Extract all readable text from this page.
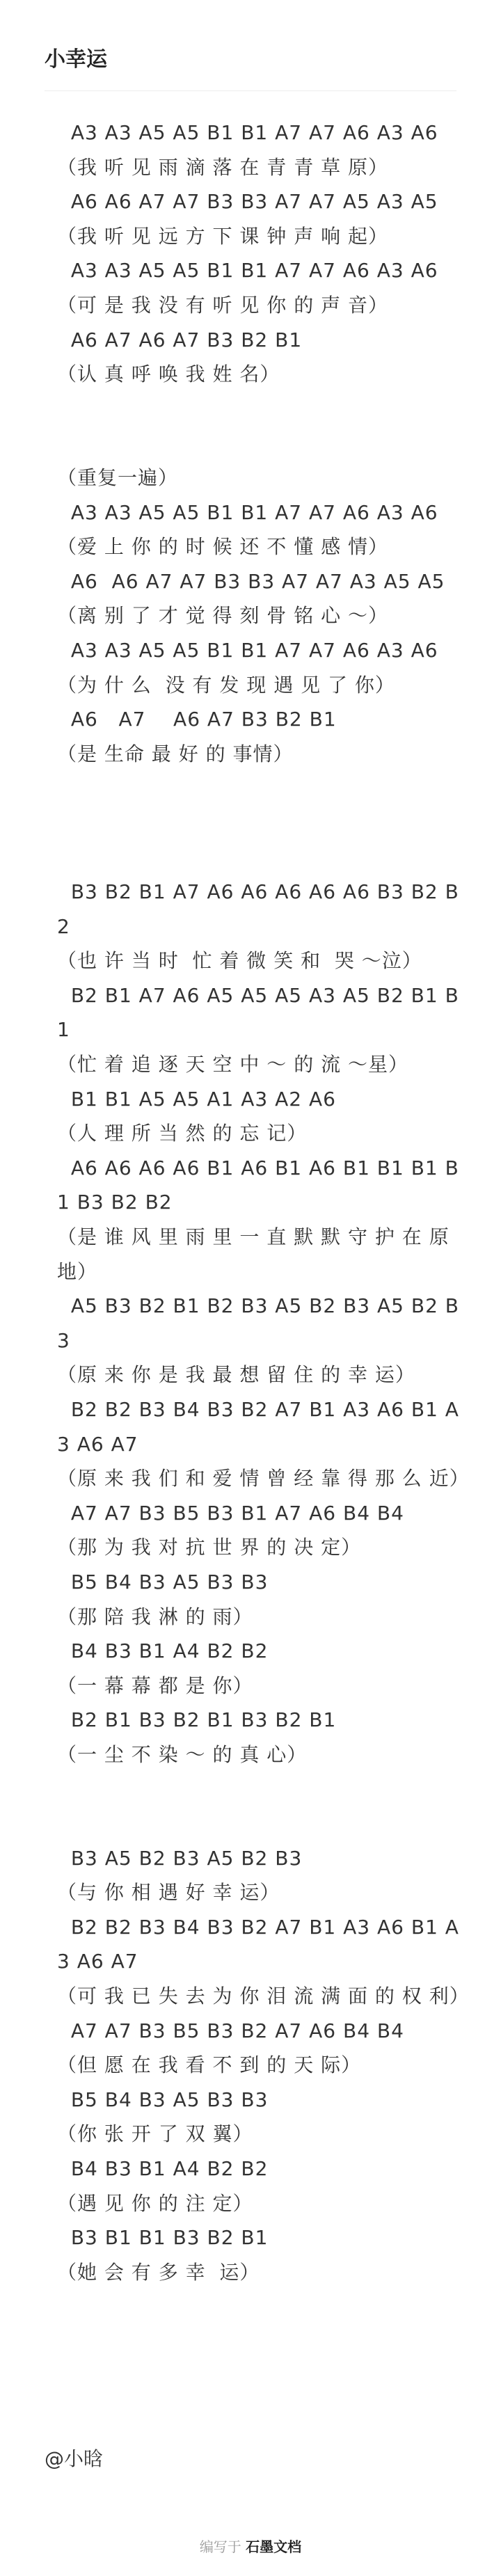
小幸运
A3 A3 A5 A5 B1 B1 A7 A7 A6 A3 A6
（我 听 见 雨 滴 落 在 青 青 草 原）
A6 A6 A7 A7 B3 B3 A7 A7 A5 A3 A5
（我 听 见 远 方 下 课 钟 声 响 起）
A3 A3 A5 A5 B1 B1 A7 A7 A6 A3 A6
（可 是 我 没 有 听 见 你 的 声 音）
A6 A7 A6 A7 B3 B2 B1
（认 真 呼 唤 我 姓 名）
（重复一遍）
A3 A3 A5 A5 B1 B1 A7 A7 A6 A3 A6
（爱 上 你 的 时 候 还 不 懂 感 情）
A6  A6 A7 A7 B3 B3 A7 A7 A3 A5 A5
（离 别 了 才 觉 得 刻 骨 铭 心 ～）
A3 A3 A5 A5 B1 B1 A7 A7 A6 A3 A6
（为 什 么  没 有 发 现 遇 见 了 你）
A6   A7    A6 A7 B3 B2 B1
（是 生命 最 好 的 事情）
B3 B2 B1 A7 A6 A6 A6 A6 A6 B3 B2 B2
（也 许 当 时  忙 着 微 笑 和  哭 ～泣）
B2 B1 A7 A6 A5 A5 A5 A3 A5 B2 B1 B1
（忙 着 追 逐 天 空 中 ～ 的 流 ～星）
B1 B1 A5 A5 A1 A3 A2 A6
（人 理 所 当 然 的 忘 记）
A6 A6 A6 A6 B1 A6 B1 A6 B1 B1 B1 B1 B3 B2 B2
（是 谁 风 里 雨 里 一 直 默 默 守 护 在 原 地）
A5 B3 B2 B1 B2 B3 A5 B2 B3 A5 B2 B3
（原 来 你 是 我 最 想 留 住 的 幸 运）
B2 B2 B3 B4 B3 B2 A7 B1 A3 A6 B1 A3 A6 A7
（原 来 我 们 和 爱 情 曾 经 靠 得 那 么 近）
A7 A7 B3 B5 B3 B1 A7 A6 B4 B4
（那 为 我 对 抗 世 界 的 决 定）
B5 B4 B3 A5 B3 B3
（那 陪 我 淋 的 雨）
B4 B3 B1 A4 B2 B2
（一 幕 幕 都 是 你）
B2 B1 B3 B2 B1 B3 B2 B1
（一 尘 不 染 ～ 的 真 心）
B3 A5 B2 B3 A5 B2 B3
（与 你 相 遇 好 幸 运）
B2 B2 B3 B4 B3 B2 A7 B1 A3 A6 B1 A3 A6 A7
（可 我 已 失 去 为 你 泪 流 满 面 的 权 利）
A7 A7 B3 B5 B3 B2 A7 A6 B4 B4
（但 愿 在 我 看 不 到 的 天 际）
B5 B4 B3 A5 B3 B3
（你 张 开 了 双 翼）
B4 B3 B1 A4 B2 B2
（遇 见 你 的 注 定）
B3 B1 B1 B3 B2 B1
（她 会 有 多 幸  运）
@小晗
编写于 石墨文档
